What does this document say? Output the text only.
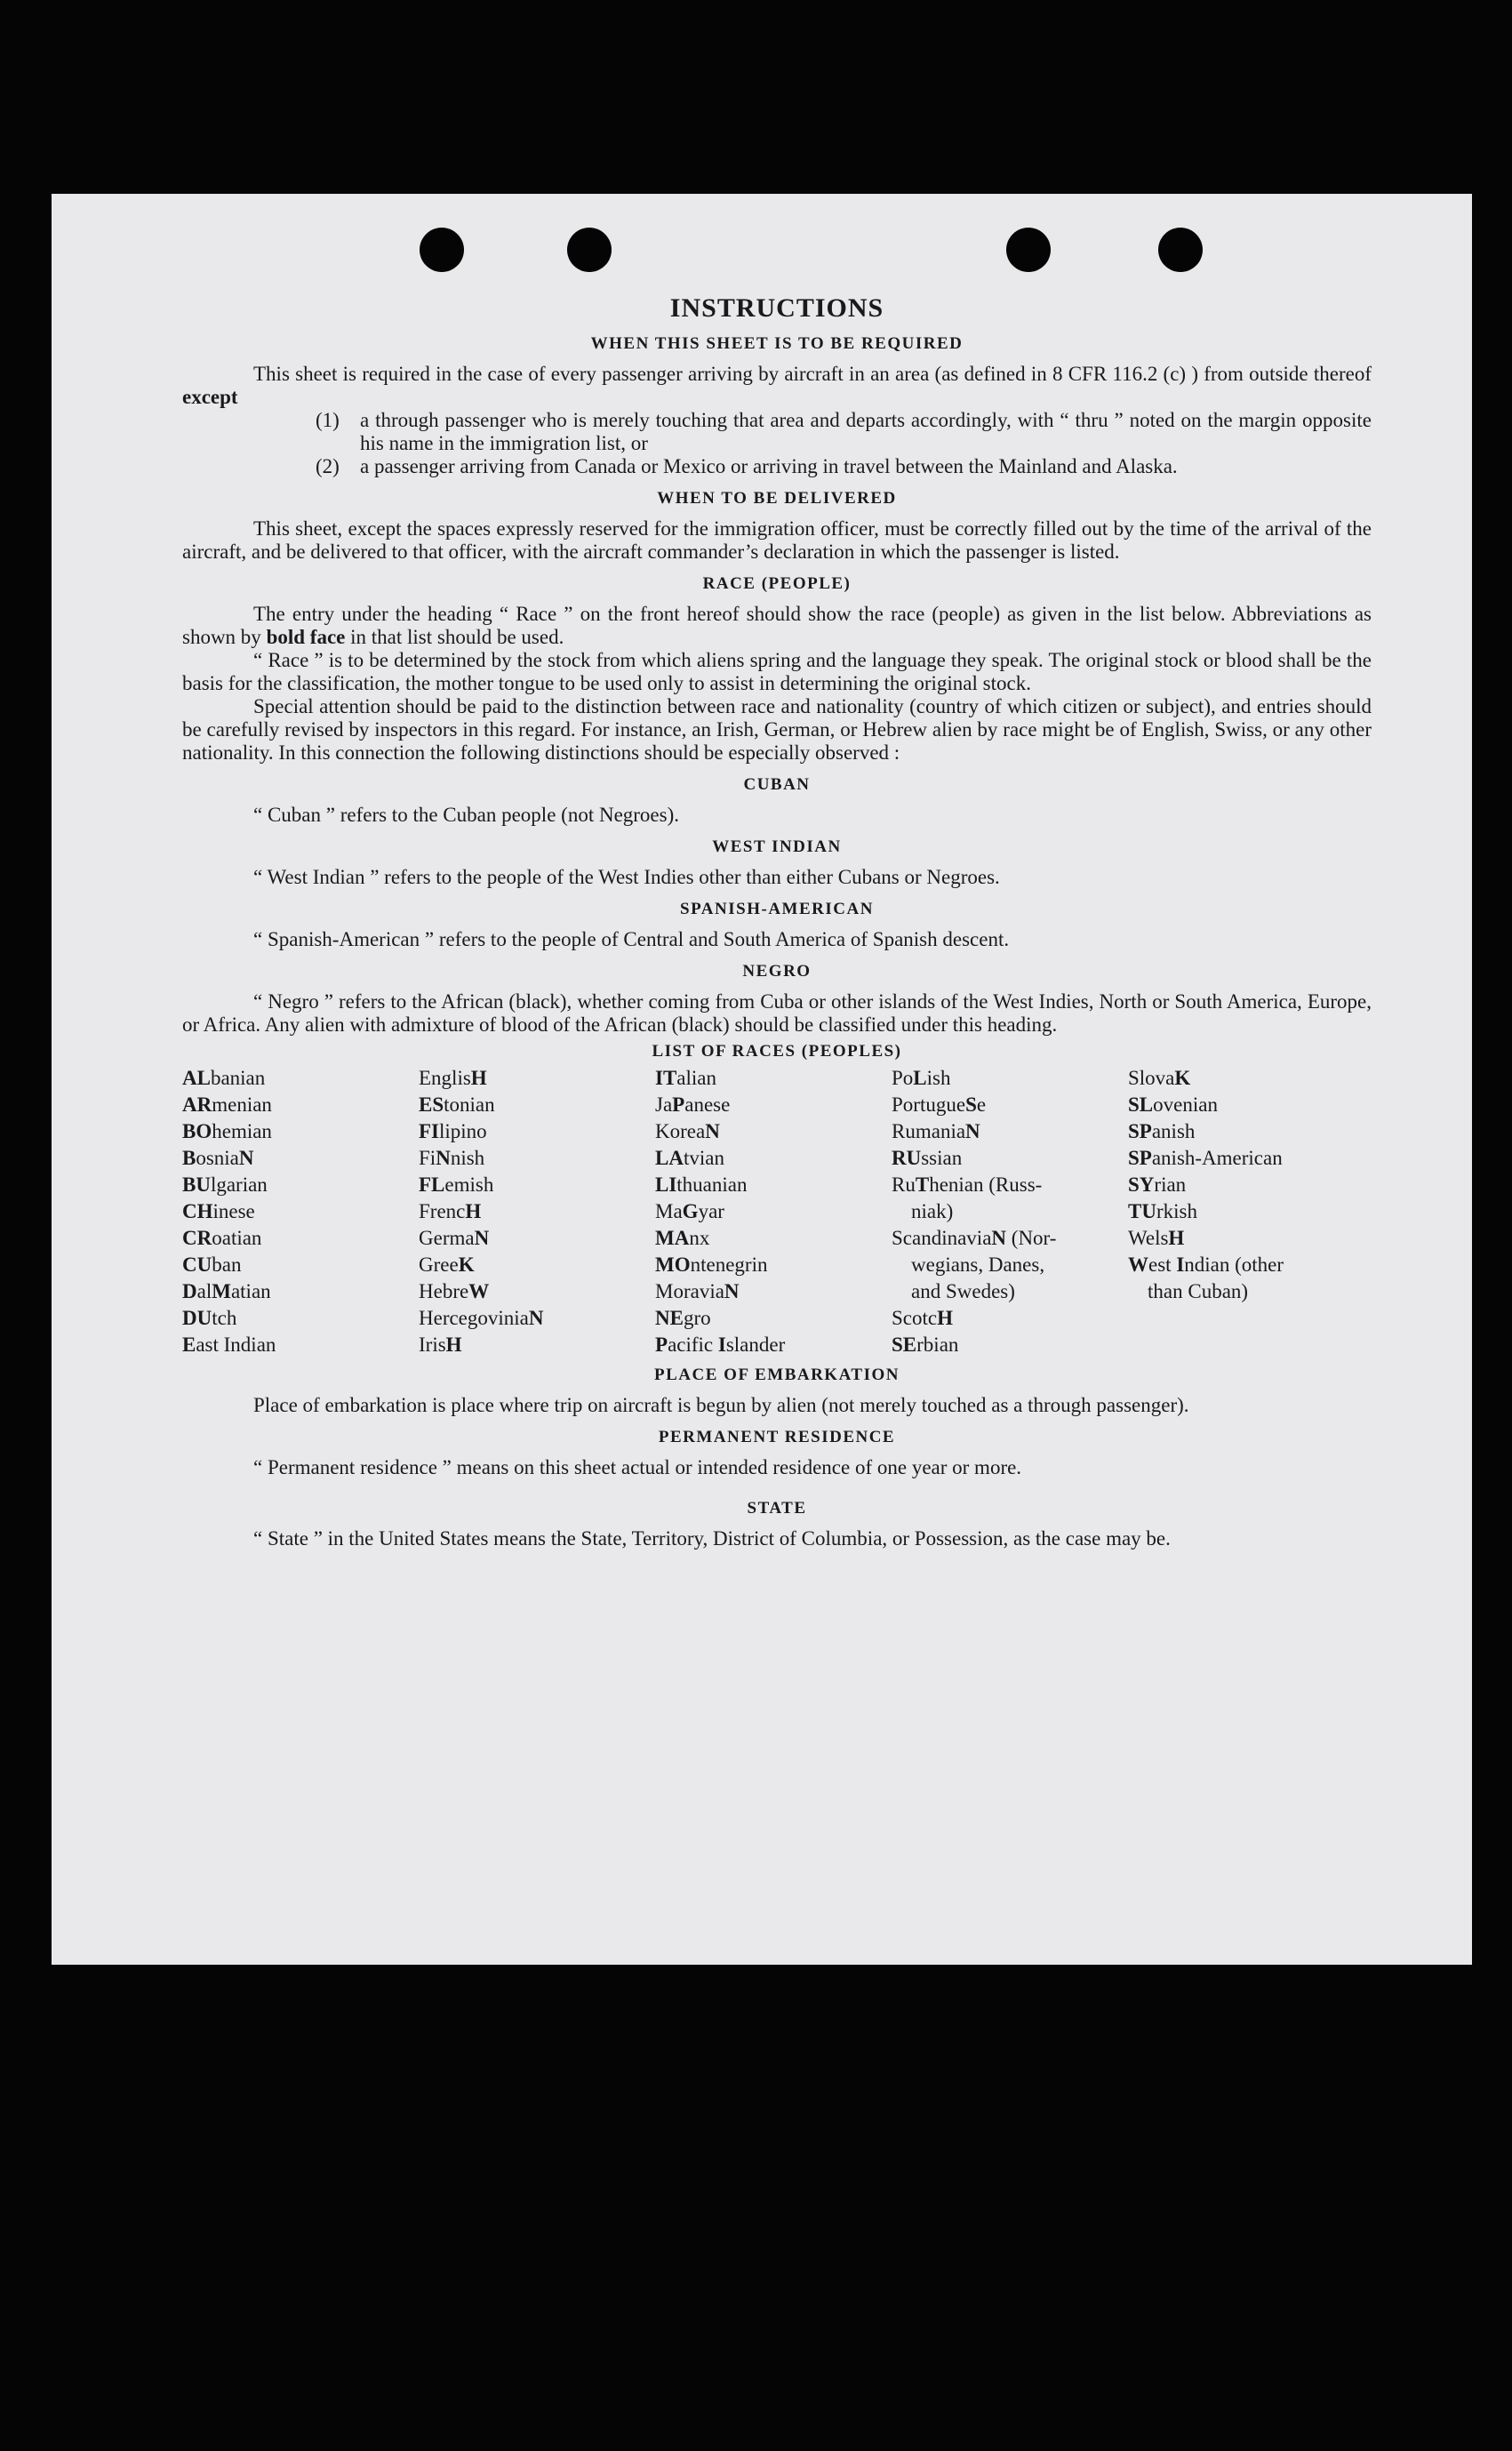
INSTRUCTIONS
WHEN THIS SHEET IS TO BE REQUIRED

This sheet is required in the case of every passenger arriving by aircraft in an area (as defined in 8 CFR 116.2 (c) ) from outside thereof except

(1)	a through passenger who is merely touching that area and departs accordingly, with “ thru ” noted on the margin opposite his name in the immigration list, or
(2)	a passenger arriving from Canada or Mexico or arriving in travel between the Mainland and Alaska.
WHEN TO BE DELIVERED

This sheet, except the spaces expressly reserved for the immigration officer, must be correctly filled out by the time of the arrival of the aircraft, and be delivered to that officer, with the aircraft commander’s declaration in which the passenger is listed.

RACE (PEOPLE)

The entry under the heading “ Race ” on the front hereof should show the race (people) as given in the list below. Abbreviations as shown by bold face in that list should be used.

“ Race ” is to be determined by the stock from which aliens spring and the language they speak. The original stock or blood shall be the basis for the classification, the mother tongue to be used only to assist in determining the original stock.

Special attention should be paid to the distinction between race and nationality (country of which citizen or subject), and entries should be carefully revised by inspectors in this regard. For instance, an Irish, German, or Hebrew alien by race might be of English, Swiss, or any other nationality. In this connection the following distinctions should be especially observed :

CUBAN

“ Cuban ” refers to the Cuban people (not Negroes).

WEST INDIAN

“ West Indian ” refers to the people of the West Indies other than either Cubans or Negroes.

SPANISH-AMERICAN

“ Spanish-American ” refers to the people of Central and South America of Spanish descent.

NEGRO

“ Negro ” refers to the African (black), whether coming from Cuba or other islands of the West Indies, North or South America, Europe, or Africa. Any alien with admixture of blood of the African (black) should be classified under this heading.

LIST OF RACES (PEOPLES)
ALbanian
ARmenian
BOhemian
BosniaN
BUlgarian
CHinese
CRoatian
CUban
DalMatian
DUtch
East Indian
EnglisH
EStonian
FIlipino
FiNnish
FLemish
FrencH
GermaN
GreeK
HebreW
HercegoviniaN
IrisH
ITalian
JaPanese
KoreaN
LAtvian
LIthuanian
MaGyar
MAnx
MOntenegrin
MoraviaN
NEgro
Pacific Islander
PoLish
PortugueSe
RumaniaN
RUssian
RuThenian (Russ-
niak)
ScandinaviaN (Nor-
wegians, Danes,
and Swedes)
ScotcH
SErbian
SlovaK
SLovenian
SPanish
SPanish-American
SYrian
TUrkish
WelsH
West Indian (other
than Cuban)
PLACE OF EMBARKATION

Place of embarkation is place where trip on aircraft is begun by alien (not merely touched as a through passenger).

PERMANENT RESIDENCE

“ Permanent residence ” means on this sheet actual or intended residence of one year or more.

STATE

“ State ” in the United States means the State, Territory, District of Columbia, or Possession, as the case may be.
